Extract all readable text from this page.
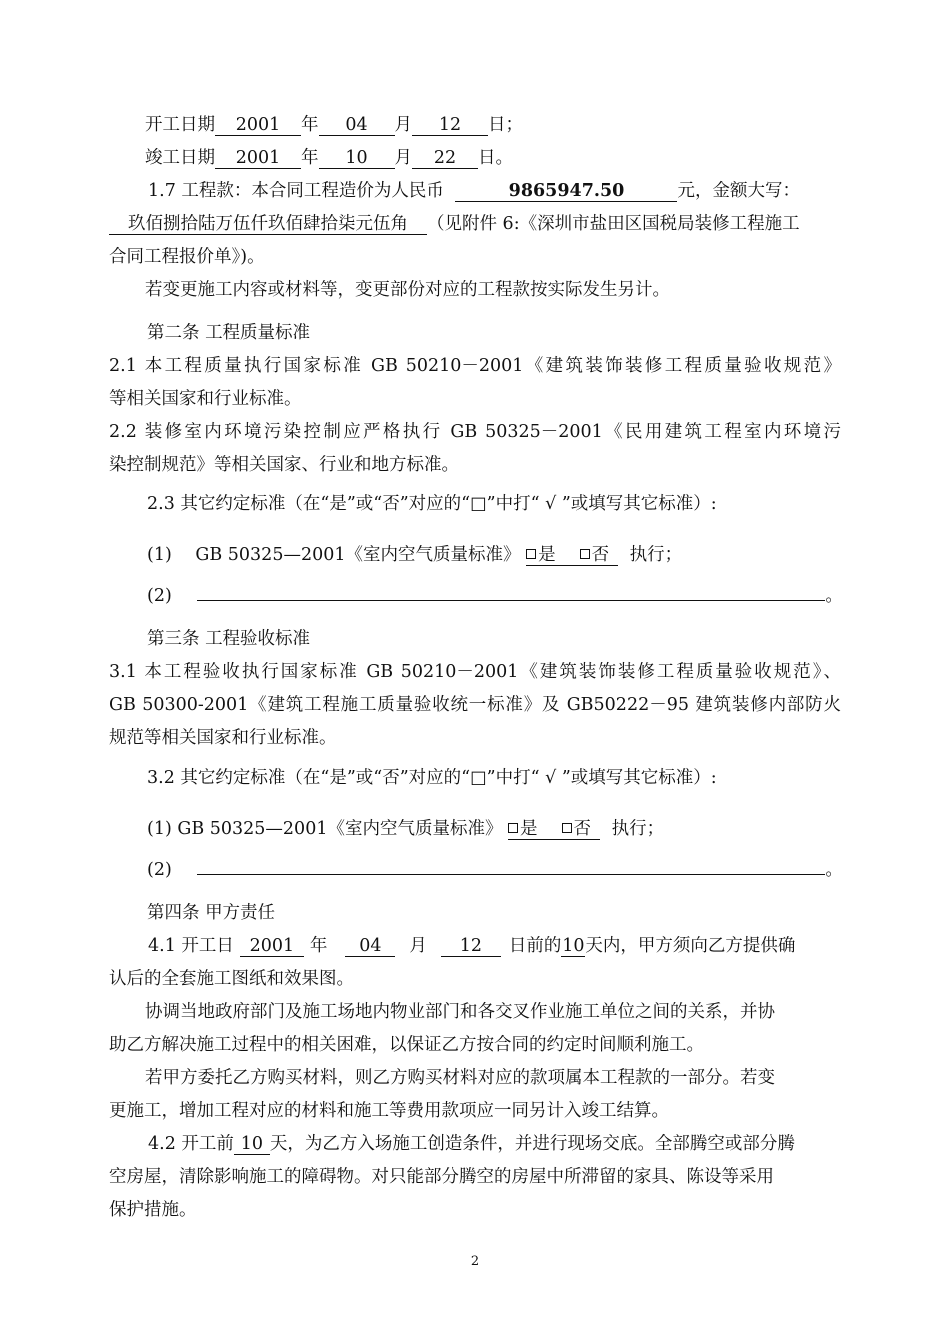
开工日期 2001 年 04 月 12 日；
竣工日期 2001 年 10 月 22 日。
1.7 工程款：本合同工程造价为人民币	9865947.50	元，金额大写：
玖佰捌拾陆万伍仟玖佰肆拾柒元伍角 （见附件 6:《深圳市盐田区国税局装修工程施工
合同工程报价单》)。
若变更施工内容或材料等，变更部份对应的工程款按实际发生另计。
第二条 工程质量标准
2.1 本工程质量执行国家标准 GB 50210－2001《建筑装饰装修工程质量验收规范》
等相关国家和行业标准。
2.2 装修室内环境污染控制应严格执行 GB 50325－2001《民用建筑工程室内环境污
染控制规范》等相关国家、行业和地方标准。
2.3 其它约定标准（在“是”或“否”对应的“□”中打“ √ ”或填写其它标准）:
(1) GB 50325—2001《室内空气质量标准》 是 否 执行；
(2)	。
第三条 工程验收标准
3.1 本工程验收执行国家标准 GB 50210－2001《建筑装饰装修工程质量验收规范》、
GB 50300-2001《建筑工程施工质量验收统一标准》及 GB50222－95 建筑装修内部防火
规范等相关国家和行业标准。
3.2 其它约定标准（在“是”或“否”对应的“□”中打“ √ ”或填写其它标准）:
(1) GB 50325—2001《室内空气质量标准》 是 否 执行；
(2)	。
第四条 甲方责任
4.1 开工日 2001 年 04 月 12 日前的10天内，甲方须向乙方提供确
认后的全套施工图纸和效果图。
协调当地政府部门及施工场地内物业部门和各交叉作业施工单位之间的关系，并协
助乙方解决施工过程中的相关困难，以保证乙方按合同的约定时间顺利施工。
若甲方委托乙方购买材料，则乙方购买材料对应的款项属本工程款的一部分。若变
更施工，增加工程对应的材料和施工等费用款项应一同另计入竣工结算。
4.2 开工前 10 天，为乙方入场施工创造条件，并进行现场交底。全部腾空或部分腾
空房屋，清除影响施工的障碍物。对只能部分腾空的房屋中所滞留的家具、陈设等采用
保护措施。
2
